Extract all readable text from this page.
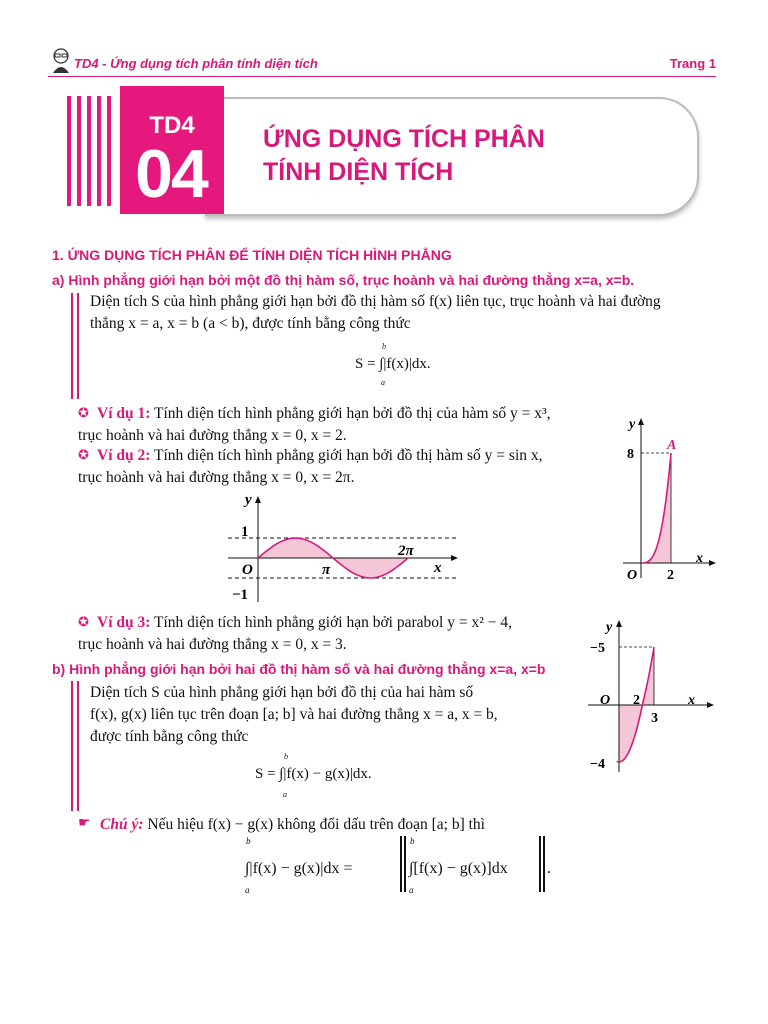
TD4 - Ứng dụng tích phân tính diện tích	Trang 1
TD4
04	ỨNG DỤNG TÍCH PHÂN
TÍNH DIỆN TÍCH
1. ỨNG DỤNG TÍCH PHÂN ĐỂ TÍNH DIỆN TÍCH HÌNH PHẲNG
a) Hình phẳng giới hạn bởi một đồ thị hàm số, trục hoành và hai đường thẳng x=a, x=b.
Diện tích S của hình phẳng giới hạn bởi đồ thị hàm số f(x) liên tục, trục hoành và hai đường
thẳng x = a, x = b (a < b), được tính bằng công thức
S = ∫|f(x)|dx.
b
a
✪ Ví dụ 1: Tính diện tích hình phẳng giới hạn bởi đồ thị của hàm số y = x³,
trục hoành và hai đường thẳng x = 0, x = 2.
✪ Ví dụ 2: Tính diện tích hình phẳng giới hạn bởi đồ thị hàm số y = sin x,
trục hoành và hai đường thẳng x = 0, x = 2π.
y
x
1
−1
O	π
2π
y
x
8
A
O 2
✪ Ví dụ 3: Tính diện tích hình phẳng giới hạn bởi parabol y = x² − 4,
trục hoành và hai đường thẳng x = 0, x = 3.
y
x
−5
−4
O 2
3
b) Hình phẳng giới hạn bởi hai đồ thị hàm số và hai đường thẳng x=a, x=b
Diện tích S của hình phẳng giới hạn bởi đồ thị của hai hàm số
f(x), g(x) liên tục trên đoạn [a; b] và hai đường thẳng x = a, x = b,
được tính bằng công thức
S = ∫|f(x) − g(x)|dx.
b
a
☛ Chú ý: Nếu hiệu f(x) − g(x) không đổi dấu trên đoạn [a; b] thì
∫|f(x) − g(x)|dx =
b
a
∫[f(x) − g(x)]dx
b
a
.
